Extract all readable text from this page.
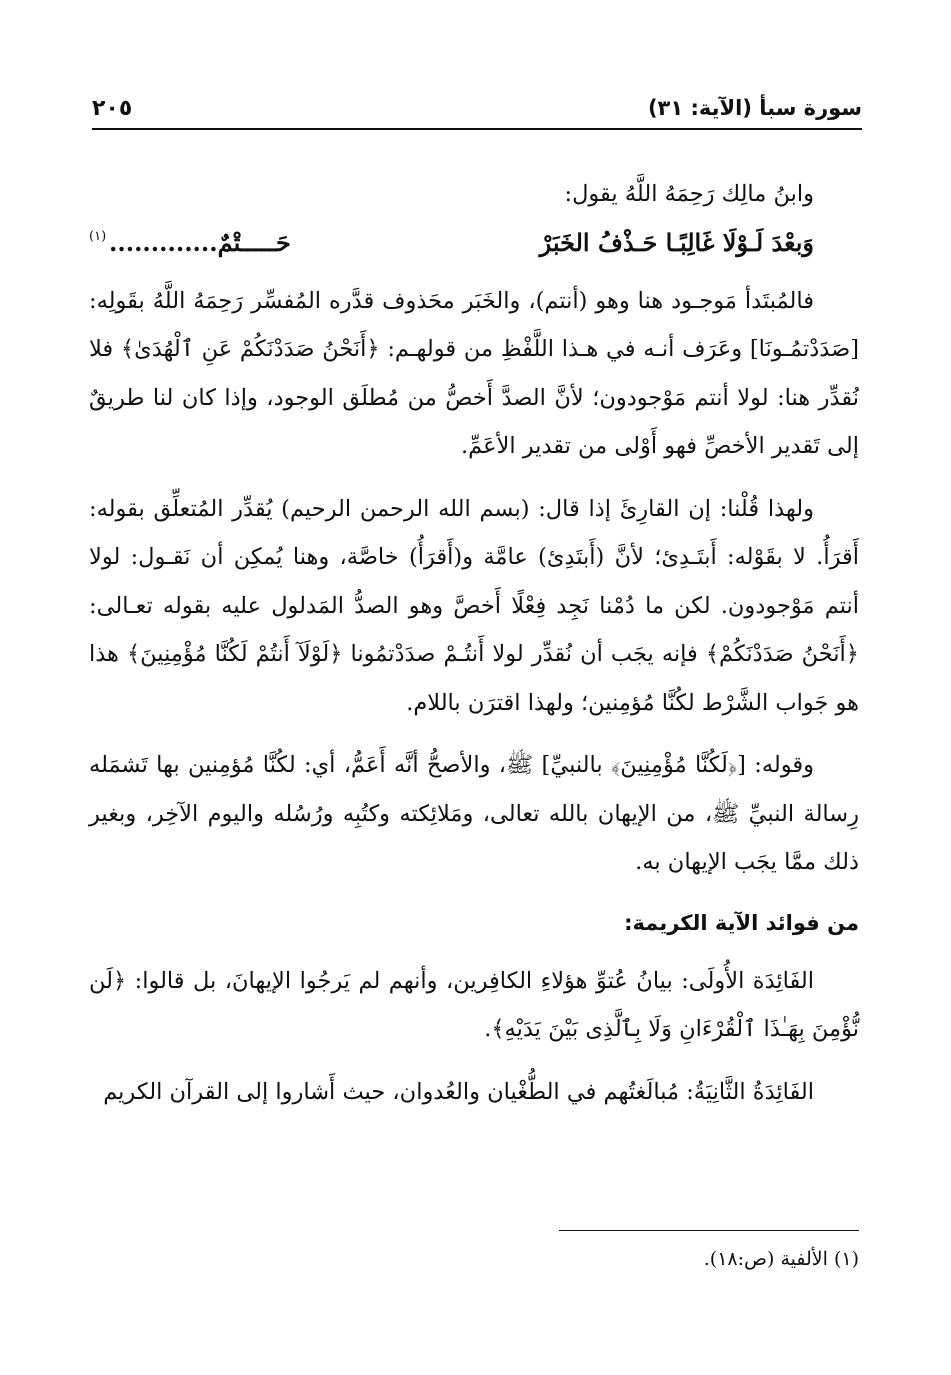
سورة سبأ (الآية: ٣١)
٢٠٥

وابنُ مالِك رَحِمَهُ اللَّهُ يقول:

وَبعْدَ لَـوْلَا غَالِبًـا حَـذْفُ الخَبَرْ
حَـــــتْمٌ.............
(١)

فالمُبتَدأ مَوجـود هنا وهو (أنتم)، والخَبَر محَذوف قدَّره المُفسِّر رَحِمَهُ اللَّهُ بقَولِه: [صَدَدْتمُـونَا] وعَرَف أنـه في هـذا اللَّفْظِ من قولهـم: ﴿أَنَحْنُ صَدَدْنَكُمْ عَنِ ٱلْهُدَىٰ﴾ فلا نُقدِّر هنا: لولا أنتم مَوْجودون؛ لأنَّ الصدَّ أَخصُّ من مُطلَق الوجود، وإذا كان لنا طريقٌ إلى تَقدير الأخصِّ فهو أَوْلى من تقدير الأعَمِّ.

ولهذا قُلْنا: إن القارِئَ إذا قال: (بسم الله الرحمن الرحيم) يُقدِّر المُتعلِّق بقوله: أَقرَأُ. لا بقَوْله: أَبتَـدِئ؛ لأنَّ (أَبتَدِئ) عامَّة و(أَقرَأُ) خاصَّة، وهنا يُمكِن أن نَقـول: لولا أنتم مَوْجودون. لكن ما دُمْنا نَجِد فِعْلًا أَخصَّ وهو الصدُّ المَدلول عليه بقوله تعـالى: ﴿أَنَحْنُ صَدَدْنَكُمْ﴾ فإنه يجَب أن نُقدِّر لولا أَنتُـمْ صدَدْتمُونا ﴿لَوْلَآ أَنتُمْ لَكُنَّا مُؤْمِنِينَ﴾ هذا هو جَواب الشَّرْط لكُنَّا مُؤمِنين؛ ولهذا اقترَن باللام.

وقوله: [﴿لَكُنَّا مُؤْمِنِينَ﴾ بالنبيِّ] ﷺ، والأصحُّ أنَّه أَعَمُّ، أي: لكُنَّا مُؤمِنين بها تَشمَله رِسالة النبيِّ ﷺ، من الإيهان بالله تعالى، ومَلائِكته وكتُبِه ورُسُله واليوم الآخِر، وبغير ذلك ممَّا يجَب الإيهان به.

من فوائد الآية الكريمة:

الفَائِدَة الأُولَى: بيانُ عُتوِّ هؤلاءِ الكافِرين، وأنهم لم يَرجُوا الإيهانَ، بل قالوا: ﴿لَن نُّؤْمِنَ بِهَـٰذَا ٱلْقُرْءَانِ وَلَا بِٱلَّذِى بَيْنَ يَدَيْهِ﴾.

الفَائِدَةُ الثَّانِيَةُ: مُبالَغتُهم في الطُّغْيان والعُدوان، حيث أَشاروا إلى القرآن الكريم

(١) الألفية (ص:١٨).
